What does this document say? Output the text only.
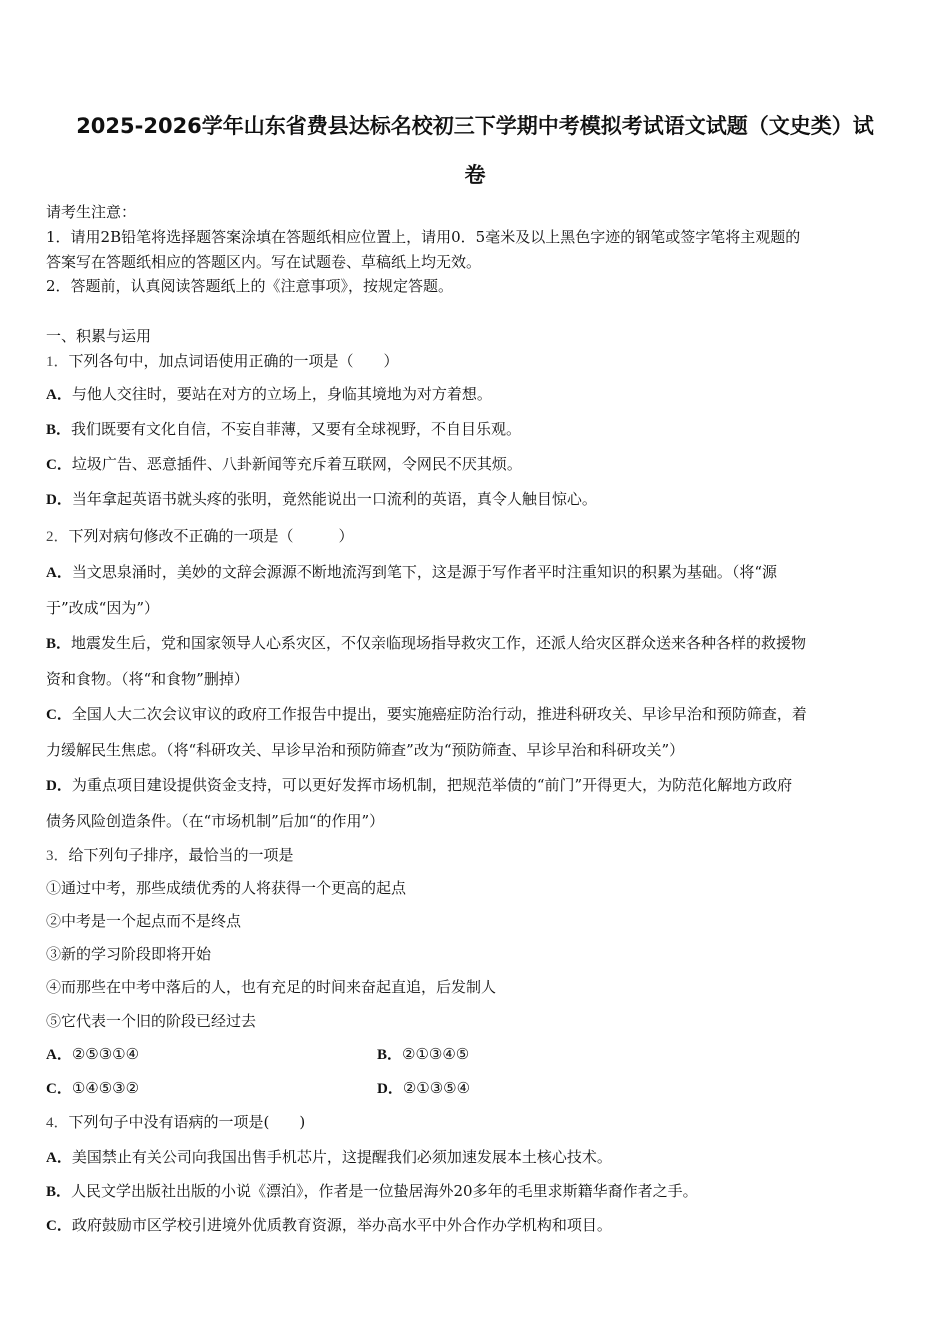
2025-2026学年山东省费县达标名校初三下学期中考模拟考试语文试题（文史类）试
卷
请考生注意：
1．请用2B铅笔将选择题答案涂填在答题纸相应位置上，请用0．5毫米及以上黑色字迹的钢笔或签字笔将主观题的
答案写在答题纸相应的答题区内。写在试题卷、草稿纸上均无效。
2．答题前，认真阅读答题纸上的《注意事项》，按规定答题。
一、积累与运用
1．下列各句中，加点词语使用正确的一项是（　　）
A．与他人交往时，要站在对方的立场上，身临其境地为对方着想。
B．我们既要有文化自信，不妄自菲薄，又要有全球视野，不自目乐观。
C．垃圾广告、恶意插件、八卦新闻等充斥着互联网，令网民不厌其烦。
D．当年拿起英语书就头疼的张明，竟然能说出一口流利的英语，真令人触目惊心。
2．下列对病句修改不正确的一项是（　　　）
A．当文思泉涌时，美妙的文辞会源源不断地流泻到笔下，这是源于写作者平时注重知识的积累为基础。（将“源
于”改成“因为”）
B．地震发生后，党和国家领导人心系灾区，不仅亲临现场指导救灾工作，还派人给灾区群众送来各种各样的救援物
资和食物。（将“和食物”删掉）
C．全国人大二次会议审议的政府工作报告中提出，要实施癌症防治行动，推进科研攻关、早诊早治和预防筛查，着
力缓解民生焦虑。（将“科研攻关、早诊早治和预防筛查”改为“预防筛查、早诊早治和科研攻关”）
D．为重点项目建设提供资金支持，可以更好发挥市场机制，把规范举债的“前门”开得更大，为防范化解地方政府
债务风险创造条件。（在“市场机制”后加“的作用”）
3．给下列句子排序，最恰当的一项是
①通过中考，那些成绩优秀的人将获得一个更高的起点
②中考是一个起点而不是终点
③新的学习阶段即将开始
④而那些在中考中落后的人，也有充足的时间来奋起直追，后发制人
⑤它代表一个旧的阶段已经过去
A．②⑤③①④	B．②①③④⑤
C．①④⑤③②	D．②①③⑤④
4．下列句子中没有语病的一项是(　　)
A．美国禁止有关公司向我国出售手机芯片，这提醒我们必须加速发展本土核心技术。
B．人民文学出版社出版的小说《漂泊》，作者是一位蛰居海外20多年的毛里求斯籍华裔作者之手。
C．政府鼓励市区学校引进境外优质教育资源，举办高水平中外合作办学机构和项目。
